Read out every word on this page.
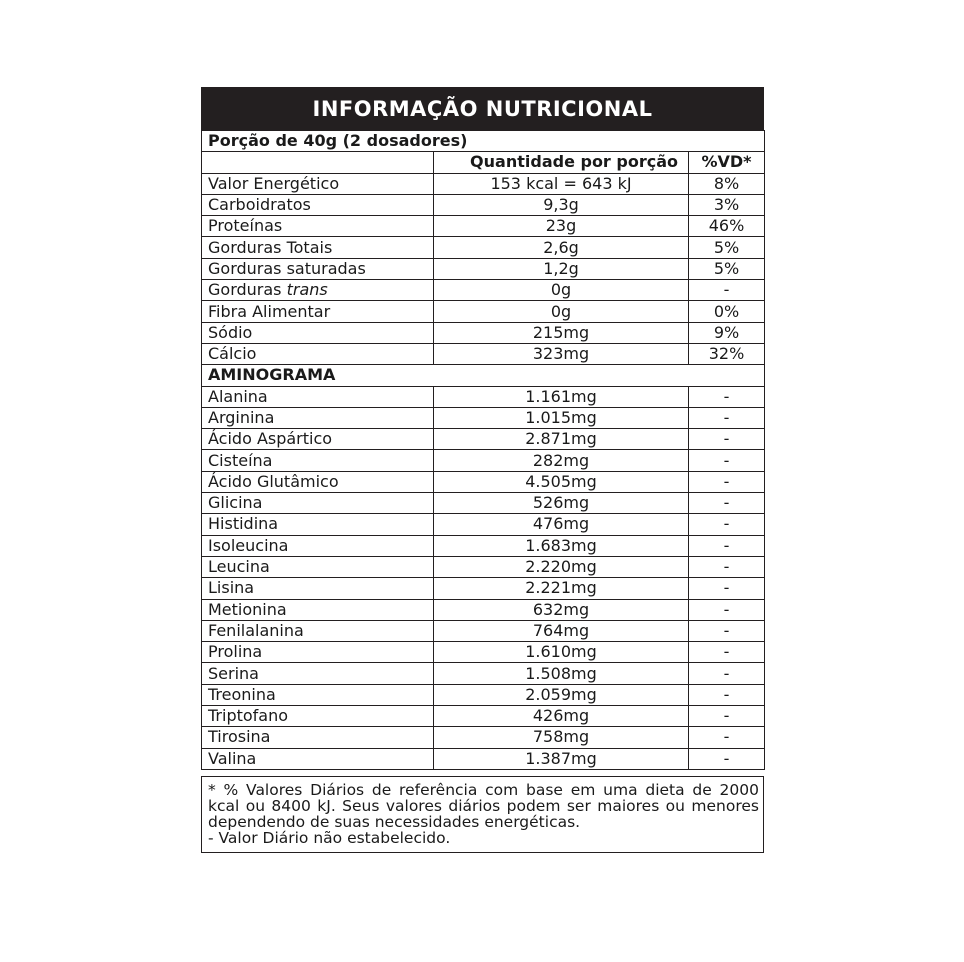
INFORMAÇÃO NUTRICIONAL
Porção de 40g (2 dosadores)		
	Quantidade por porção	%VD*
Valor Energético	153 kcal = 643 kJ	8%
Carboidratos	9,3g	3%
Proteínas	23g	46%
Gorduras Totais	2,6g	5%
Gorduras saturadas	1,2g	5%
Gorduras trans	0g	-
Fibra Alimentar	0g	0%
Sódio	215mg	9%
Cálcio	323mg	32%
AMINOGRAMA		
Alanina	1.161mg	-
Arginina	1.015mg	-
Ácido Aspártico	2.871mg	-
Cisteína	282mg	-
Ácido Glutâmico	4.505mg	-
Glicina	526mg	-
Histidina	476mg	-
Isoleucina	1.683mg	-
Leucina	2.220mg	-
Lisina	2.221mg	-
Metionina	632mg	-
Fenilalanina	764mg	-
Prolina	1.610mg	-
Serina	1.508mg	-
Treonina	2.059mg	-
Triptofano	426mg	-
Tirosina	758mg	-
Valina	1.387mg	-
* % Valores Diários de referência com base em uma dieta de 2000 kcal ou 8400 kJ. Seus valores diários podem ser maiores ou menores dependendo de suas necessidades energéticas.
- Valor Diário não estabelecido.
